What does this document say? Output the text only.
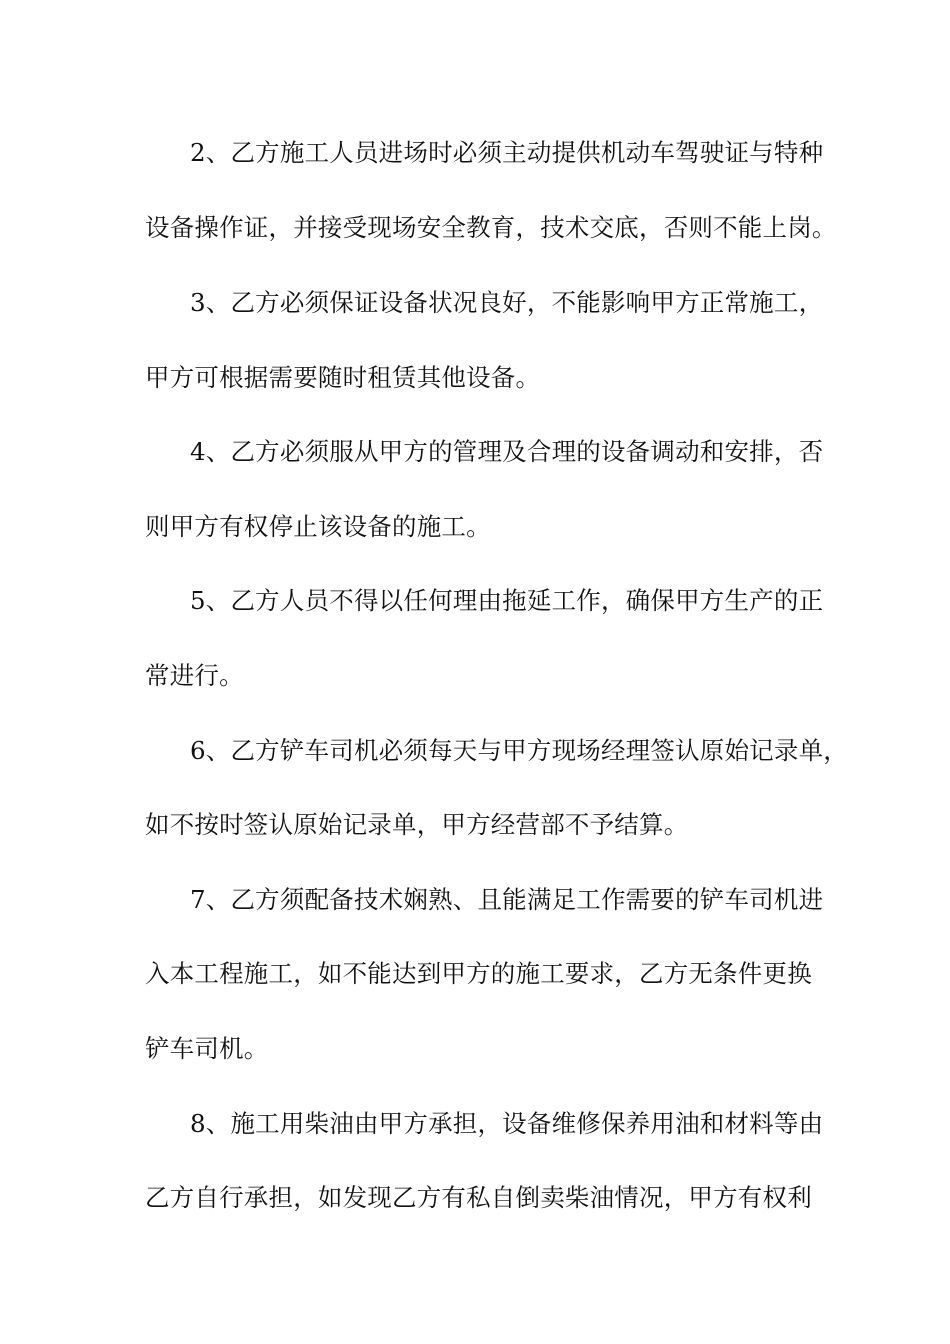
2、乙方施工人员进场时必须主动提供机动车驾驶证与特种
设备操作证，并接受现场安全教育，技术交底，否则不能上岗。
3、乙方必须保证设备状况良好，不能影响甲方正常施工，
甲方可根据需要随时租赁其他设备。
4、乙方必须服从甲方的管理及合理的设备调动和安排，否
则甲方有权停止该设备的施工。
5、乙方人员不得以任何理由拖延工作，确保甲方生产的正
常进行。
6、乙方铲车司机必须每天与甲方现场经理签认原始记录单，
如不按时签认原始记录单，甲方经营部不予结算。
7、乙方须配备技术娴熟、且能满足工作需要的铲车司机进
入本工程施工，如不能达到甲方的施工要求，乙方无条件更换
铲车司机。
8、施工用柴油由甲方承担，设备维修保养用油和材料等由
乙方自行承担，如发现乙方有私自倒卖柴油情况，甲方有权利
